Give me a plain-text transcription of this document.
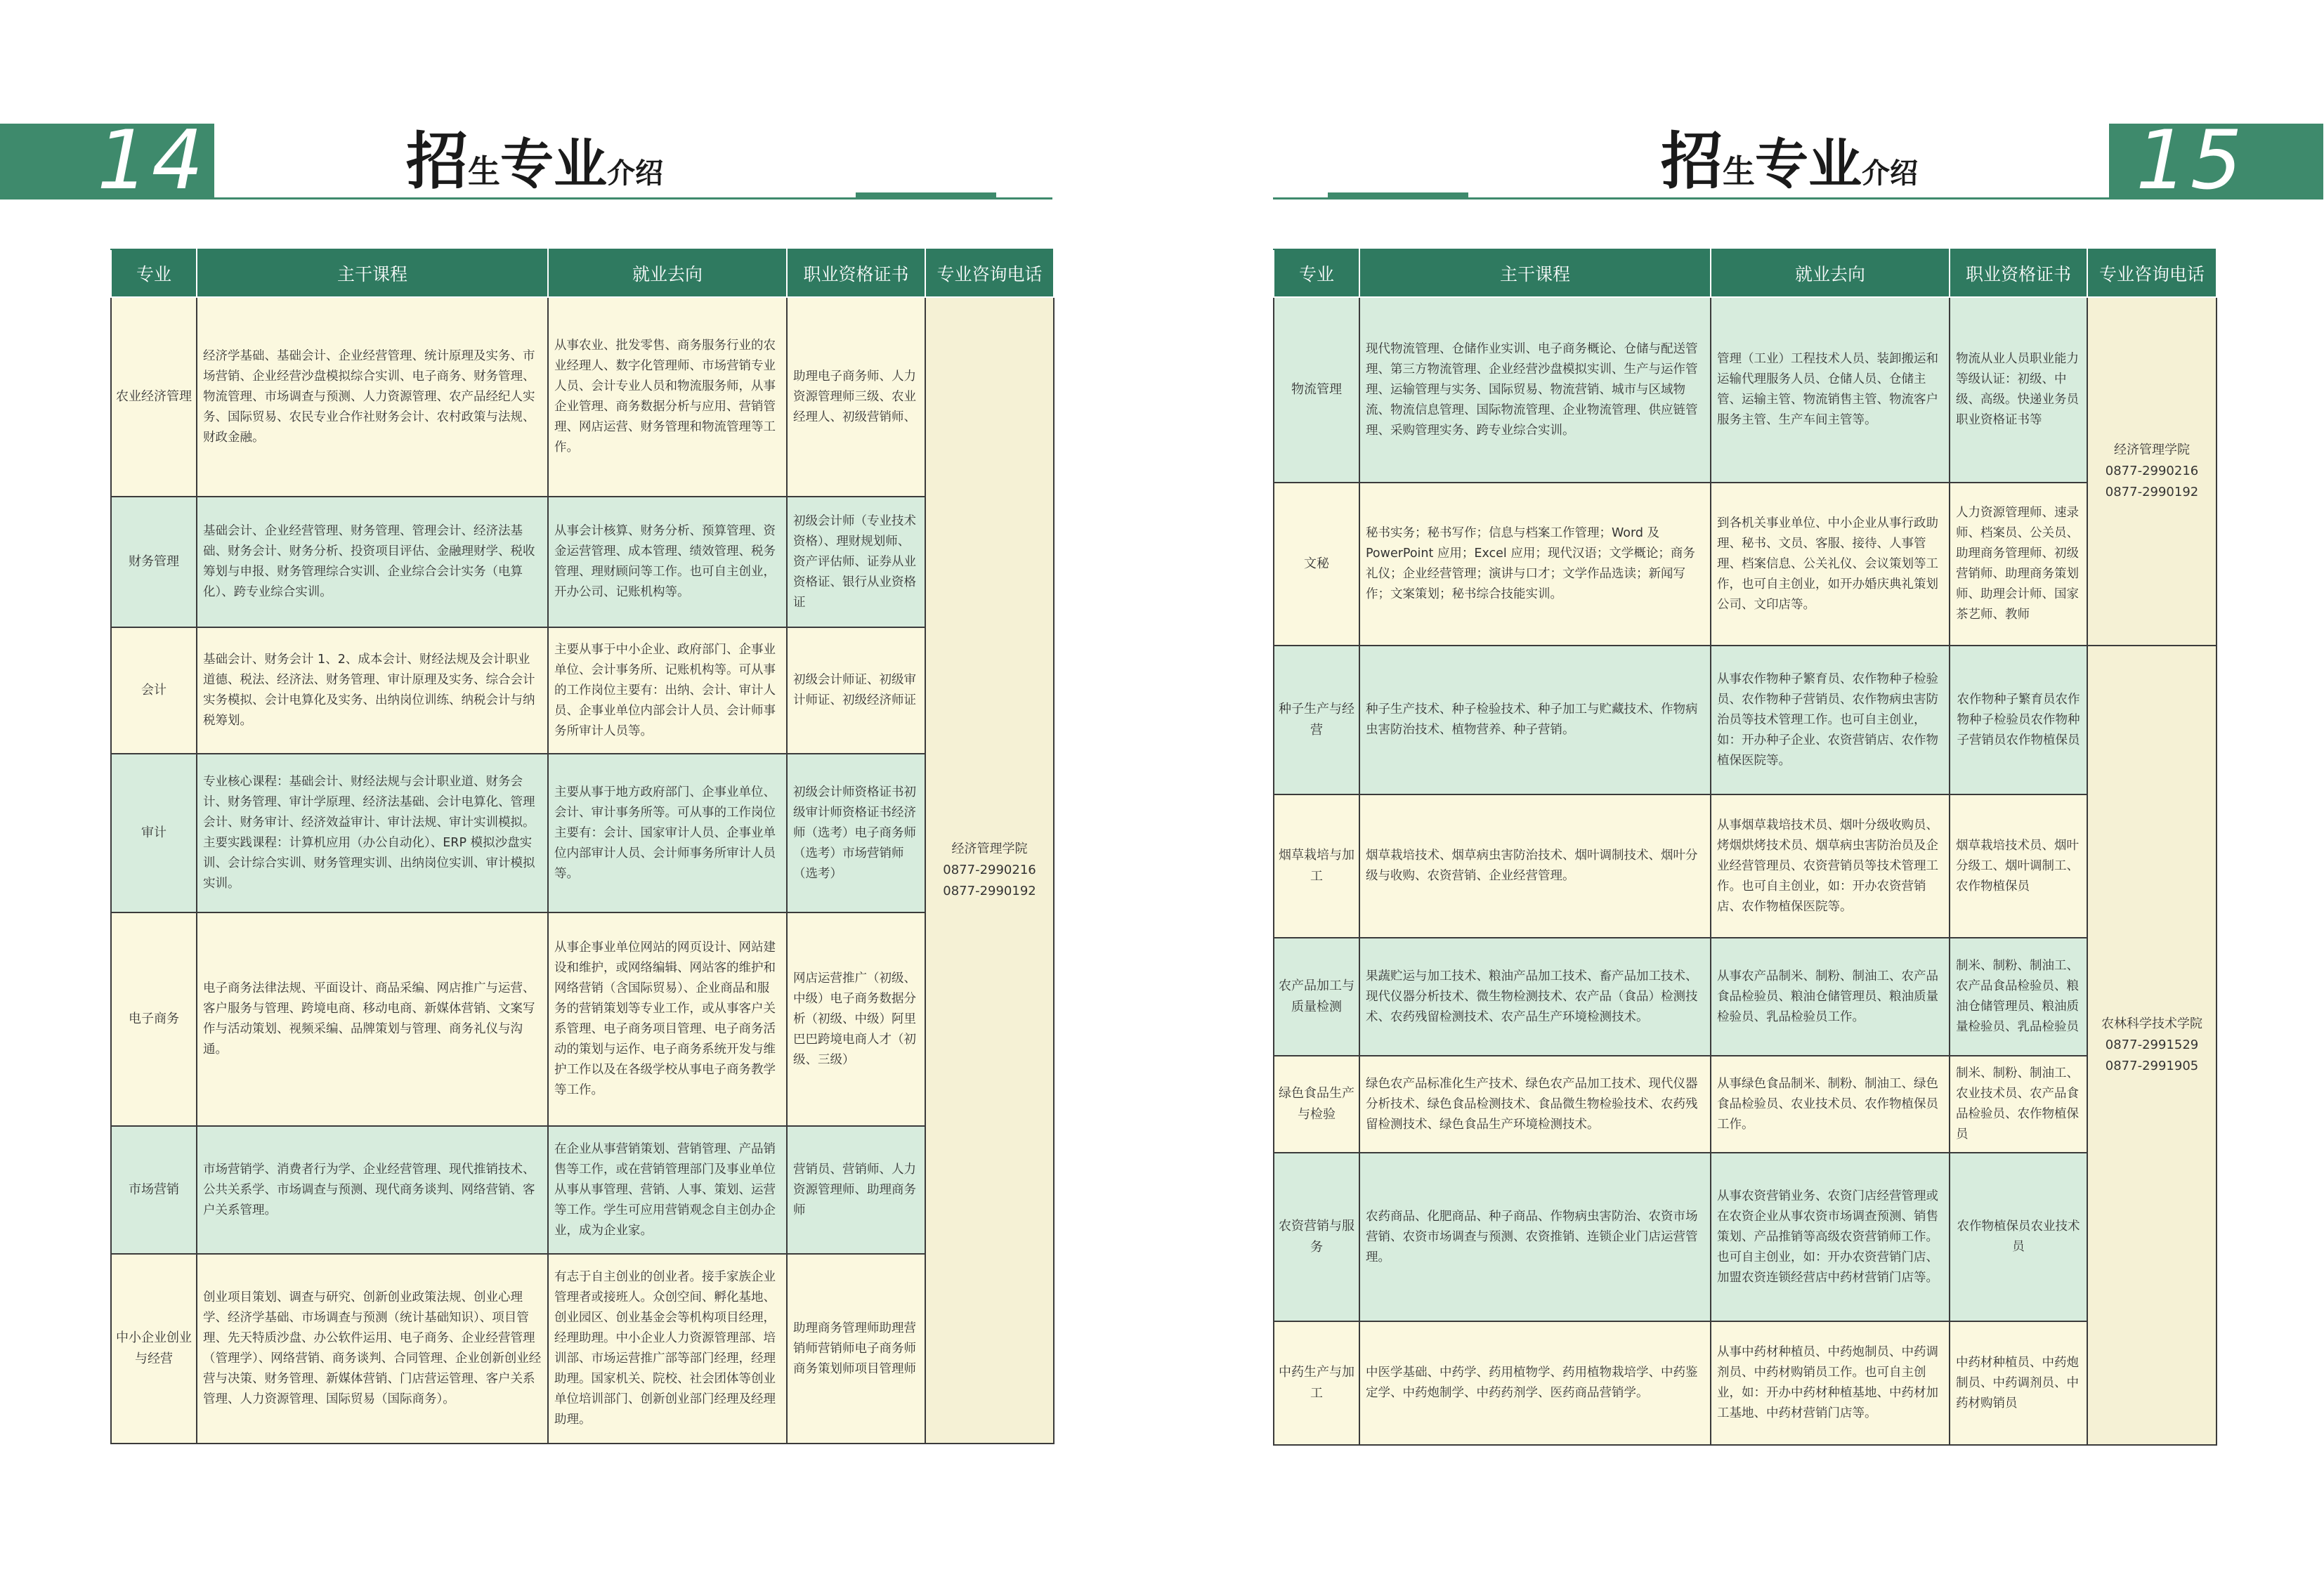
14	招生专业介绍
专业	主干课程	就业去向	职业资格证书	专业咨询电话
农业经济管理	经济学基础、基础会计、企业经营管理、统计原理及实务、市场营销、企业经营沙盘模拟综合实训、电子商务、财务管理、物流管理、市场调查与预测、人力资源管理、农产品经纪人实务、国际贸易、农民专业合作社财务会计、农村政策与法规、财政金融。	从事农业、批发零售、商务服务行业的农业经理人、数字化管理师、市场营销专业人员、会计专业人员和物流服务师，从事企业管理、商务数据分析与应用、营销管理、网店运营、财务管理和物流管理等工作。	助理电子商务师、人力资源管理师三级、农业经理人、初级营销师、	经济管理学院
0877-2990216
0877-2990192

财务管理	基础会计、企业经营管理、财务管理、管理会计、经济法基础、财务会计、财务分析、投资项目评估、金融理财学、税收筹划与申报、财务管理综合实训、企业综合会计实务（电算化）、跨专业综合实训。	从事会计核算、财务分析、预算管理、资金运营管理、成本管理、绩效管理、税务管理、理财顾问等工作。也可自主创业，开办公司、记账机构等。	初级会计师（专业技术资格）、理财规划师、资产评估师、证券从业资格证、银行从业资格证	
会计	基础会计、财务会计 1、2、成本会计、财经法规及会计职业道德、税法、经济法、财务管理、审计原理及实务、综合会计实务模拟、会计电算化及实务、出纳岗位训练、纳税会计与纳税筹划。	主要从事于中小企业、政府部门、企事业单位、会计事务所、记账机构等。可从事的工作岗位主要有：出纳、会计、审计人员、企事业单位内部会计人员、会计师事务所审计人员等。	初级会计师证、初级审计师证、初级经济师证	
审计	专业核心课程：基础会计、财经法规与会计职业道、财务会计、财务管理、审计学原理、经济法基础、会计电算化、管理会计、财务审计、经济效益审计、审计法规、审计实训模拟。主要实践课程：计算机应用（办公自动化）、ERP 模拟沙盘实训、会计综合实训、财务管理实训、出纳岗位实训、审计模拟实训。	主要从事于地方政府部门、企事业单位、会计、审计事务所等。可从事的工作岗位主要有：会计、国家审计人员、企事业单位内部审计人员、会计师事务所审计人员等。	初级会计师资格证书初级审计师资格证书经济师（选考）电子商务师（选考）市场营销师（选考）	
电子商务	电子商务法律法规、平面设计、商品采编、网店推广与运营、客户服务与管理、跨境电商、移动电商、新媒体营销、文案写作与活动策划、视频采编、品牌策划与管理、商务礼仪与沟通。	从事企事业单位网站的网页设计、网站建设和维护，或网络编辑、网站客的维护和网络营销（含国际贸易）、企业商品和服务的营销策划等专业工作，或从事客户关系管理、电子商务项目管理、电子商务活动的策划与运作、电子商务系统开发与维护工作以及在各级学校从事电子商务教学等工作。	网店运营推广（初级、中级）电子商务数据分析（初级、中级）阿里巴巴跨境电商人才（初级、三级）	
市场营销	市场营销学、消费者行为学、企业经营管理、现代推销技术、公共关系学、市场调查与预测、现代商务谈判、网络营销、客户关系管理。	在企业从事营销策划、营销管理、产品销售等工作，或在营销管理部门及事业单位从事从事管理、营销、人事、策划、运营等工作。学生可应用营销观念自主创办企业，成为企业家。	营销员、营销师、人力资源管理师、助理商务师	
中小企业创业与经营	创业项目策划、调查与研究、创新创业政策法规、创业心理学、经济学基础、市场调查与预测（统计基础知识）、项目管理、先天特质沙盘、办公软件运用、电子商务、企业经营管理（管理学）、网络营销、商务谈判、合同管理、企业创新创业经营与决策、财务管理、新媒体营销、门店营运管理、客户关系管理、人力资源管理、国际贸易（国际商务）。	有志于自主创业的创业者。接手家族企业管理者或接班人。众创空间、孵化基地、创业园区、创业基金会等机构项目经理，经理助理。中小企业人力资源管理部、培训部、市场运营推广部等部门经理，经理助理。国家机关、院校、社会团体等创业单位培训部门、创新创业部门经理及经理助理。	助理商务管理师助理营销师营销师电子商务师商务策划师项目管理师	
15
招生专业介绍
专业	主干课程	就业去向	职业资格证书	专业咨询电话
物流管理	现代物流管理、仓储作业实训、电子商务概论、仓储与配送管理、第三方物流管理、企业经营沙盘模拟实训、生产与运作管理、运输管理与实务、国际贸易、物流营销、城市与区域物流、物流信息管理、国际物流管理、企业物流管理、供应链管理、采购管理实务、跨专业综合实训。	管理（工业）工程技术人员、装卸搬运和运输代理服务人员、仓储人员、仓储主管、运输主管、物流销售主管、物流客户服务主管、生产车间主管等。	物流从业人员职业能力等级认证：初级、中级、高级。快递业务员职业资格证书等	经济管理学院
0877-2990216
0877-2990192

文秘	秘书实务；秘书写作；信息与档案工作管理；Word 及 PowerPoint 应用；Excel 应用；现代汉语；文学概论；商务礼仪；企业经营管理；演讲与口才；文学作品选读；新闻写作；文案策划；秘书综合技能实训。	到各机关事业单位、中小企业从事行政助理、秘书、文员、客服、接待、人事管理、档案信息、公关礼仪、会议策划等工作，也可自主创业，如开办婚庆典礼策划公司、文印店等。	人力资源管理师、速录师、档案员、公关员、助理商务管理师、初级营销师、助理商务策划师、助理会计师、国家茶艺师、教师	
种子生产与经营	种子生产技术、种子检验技术、种子加工与贮藏技术、作物病虫害防治技术、植物营养、种子营销。	从事农作物种子繁育员、农作物种子检验员、农作物种子营销员、农作物病虫害防治员等技术管理工作。也可自主创业，如：开办种子企业、农资营销店、农作物植保医院等。	农作物种子繁育员农作物种子检验员农作物种子营销员农作物植保员	农林科学技术学院
0877-2991529
0877-2991905

烟草栽培与加工	烟草栽培技术、烟草病虫害防治技术、烟叶调制技术、烟叶分级与收购、农资营销、企业经营管理。	从事烟草栽培技术员、烟叶分级收购员、烤烟烘烤技术员、烟草病虫害防治员及企业经营管理员、农资营销员等技术管理工作。也可自主创业，如：开办农资营销店、农作物植保医院等。	烟草栽培技术员、烟叶分级工、烟叶调制工、农作物植保员	
农产品加工与质量检测	果蔬贮运与加工技术、粮油产品加工技术、畜产品加工技术、现代仪器分析技术、微生物检测技术、农产品（食品）检测技术、农药残留检测技术、农产品生产环境检测技术。	从事农产品制米、制粉、制油工、农产品食品检验员、粮油仓储管理员、粮油质量检验员、乳品检验员工作。	制米、制粉、制油工、农产品食品检验员、粮油仓储管理员、粮油质量检验员、乳品检验员	
绿色食品生产与检验	绿色农产品标准化生产技术、绿色农产品加工技术、现代仪器分析技术、绿色食品检测技术、食品微生物检验技术、农药残留检测技术、绿色食品生产环境检测技术。	从事绿色食品制米、制粉、制油工、绿色食品检验员、农业技术员、农作物植保员工作。	制米、制粉、制油工、农业技术员、农产品食品检验员、农作物植保员	
农资营销与服务	农药商品、化肥商品、种子商品、作物病虫害防治、农资市场营销、农资市场调查与预测、农资推销、连锁企业门店运营管理。	从事农资营销业务、农资门店经营管理或在农资企业从事农资市场调查预测、销售策划、产品推销等高级农资营销师工作。也可自主创业，如：开办农资营销门店、加盟农资连锁经营店中药材营销门店等。	农作物植保员农业技术员	
中药生产与加工	中医学基础、中药学、药用植物学、药用植物栽培学、中药鉴定学、中药炮制学、中药药剂学、医药商品营销学。	从事中药材种植员、中药炮制员、中药调剂员、中药材购销员工作。也可自主创业，如：开办中药材种植基地、中药材加工基地、中药材营销门店等。	中药材种植员、中药炮制员、中药调剂员、中药材购销员	
